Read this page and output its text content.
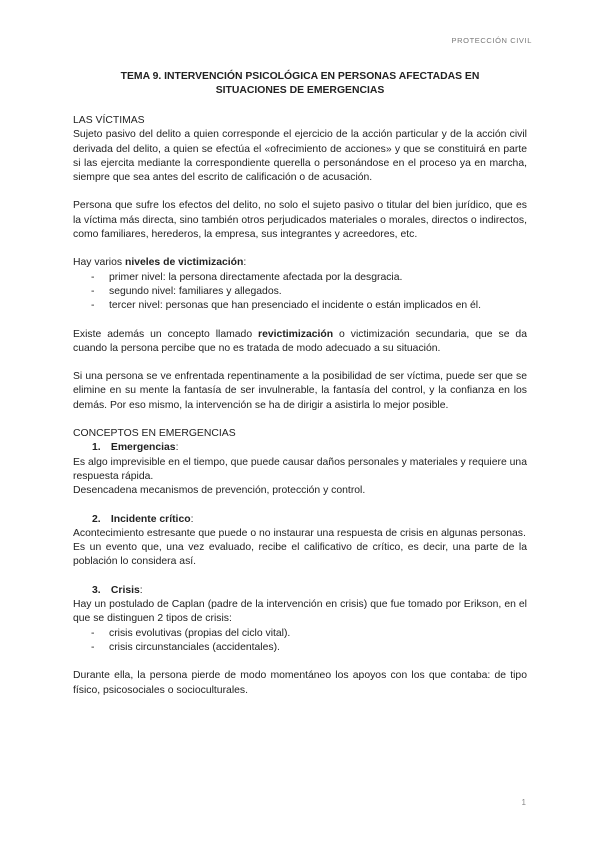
PROTECCIÓN CIVIL
TEMA 9. INTERVENCIÓN PSICOLÓGICA EN PERSONAS AFECTADAS EN
SITUACIONES DE EMERGENCIAS
LAS VÍCTIMAS

Sujeto pasivo del delito a quien corresponde el ejercicio de la acción particular y de la acción civil derivada del delito, a quien se efectúa el «ofrecimiento de acciones» y que se constituirá en parte si las ejercita mediante la correspondiente querella o personándose en el proceso ya en marcha, siempre que sea antes del escrito de calificación o de acusación.

Persona que sufre los efectos del delito, no solo el sujeto pasivo o titular del bien jurídico, que es la víctima más directa, sino también otros perjudicados materiales o morales, directos o indirectos, como familiares, herederos, la empresa, sus integrantes y acreedores, etc.

Hay varios niveles de victimización:

- primer nivel: la persona directamente afectada por la desgracia.
- segundo nivel: familiares y allegados.
- tercer nivel: personas que han presenciado el incidente o están implicados en él.

Existe además un concepto llamado revictimización o victimización secundaria, que se da cuando la persona percibe que no es tratada de modo adecuado a su situación.

Si una persona se ve enfrentada repentinamente a la posibilidad de ser víctima, puede ser que se elimine en su mente la fantasía de ser invulnerable, la fantasía del control, y la confianza en los demás. Por eso mismo, la intervención se ha de dirigir a asistirla lo mejor posible.

CONCEPTOS EN EMERGENCIAS
1. Emergencias:

Es algo imprevisible en el tiempo, que puede causar daños personales y materiales y requiere una respuesta rápida.

Desencadena mecanismos de prevención, protección y control.

2. Incidente crítico:

Acontecimiento estresante que puede o no instaurar una respuesta de crisis en algunas personas.

Es un evento que, una vez evaluado, recibe el calificativo de crítico, es decir, una parte de la población lo considera así.

3. Crisis:

Hay un postulado de Caplan (padre de la intervención en crisis) que fue tomado por Erikson, en el que se distinguen 2 tipos de crisis:

- crisis evolutivas (propias del ciclo vital).
- crisis circunstanciales (accidentales).

Durante ella, la persona pierde de modo momentáneo los apoyos con los que contaba: de tipo físico, psicosociales o socioculturales.

1
